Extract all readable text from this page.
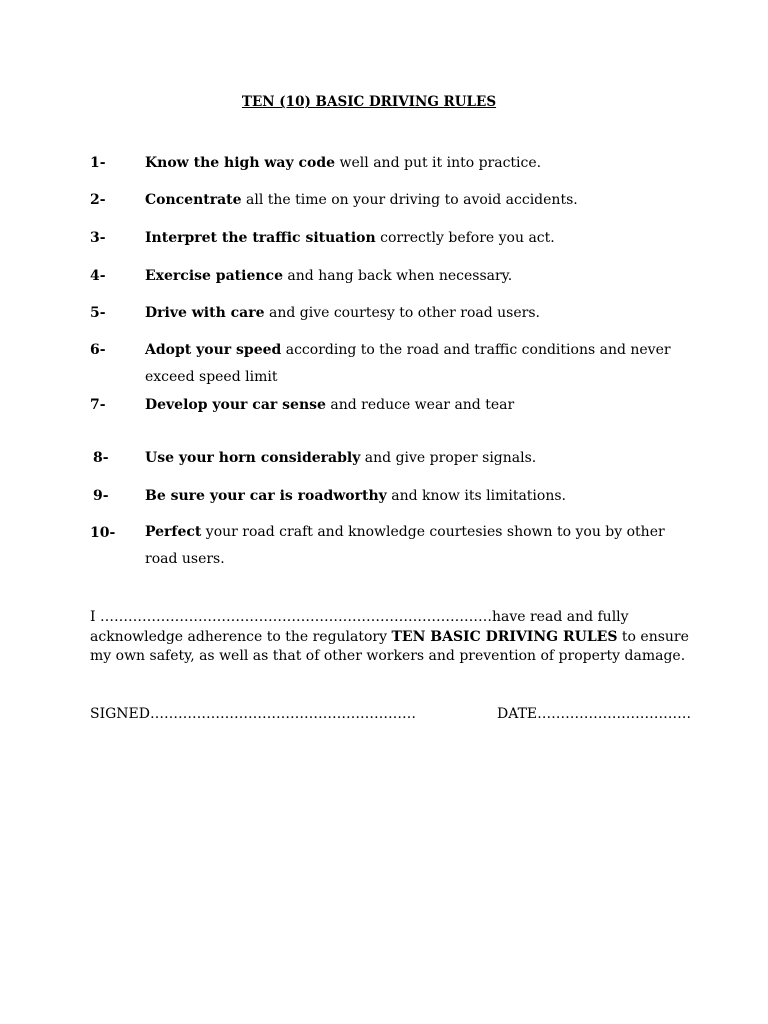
TEN (10) BASIC DRIVING RULES
1-	Know the high way code well and put it into practice.
2-	Concentrate all the time on your driving to avoid accidents.
3-	Interpret the traffic situation correctly before you act.
4-	Exercise patience and hang back when necessary.
5-	Drive with care and give courtesy to other road users.
6-	Adopt your speed according to the road and traffic conditions and never exceed speed limit
7-	Develop your car sense and reduce wear and tear
8-	Use your horn considerably and give proper signals.
9-	Be sure your car is roadworthy and know its limitations.
10- Perfect your road craft and knowledge courtesies shown to you by other road users.
I …………………………………………………………………………have read and fully acknowledge adherence to the regulatory TEN BASIC DRIVING RULES to ensure my own safety, as well as that of other workers and prevention of property damage.
SIGNED…………………………………………………	DATE……………………………
